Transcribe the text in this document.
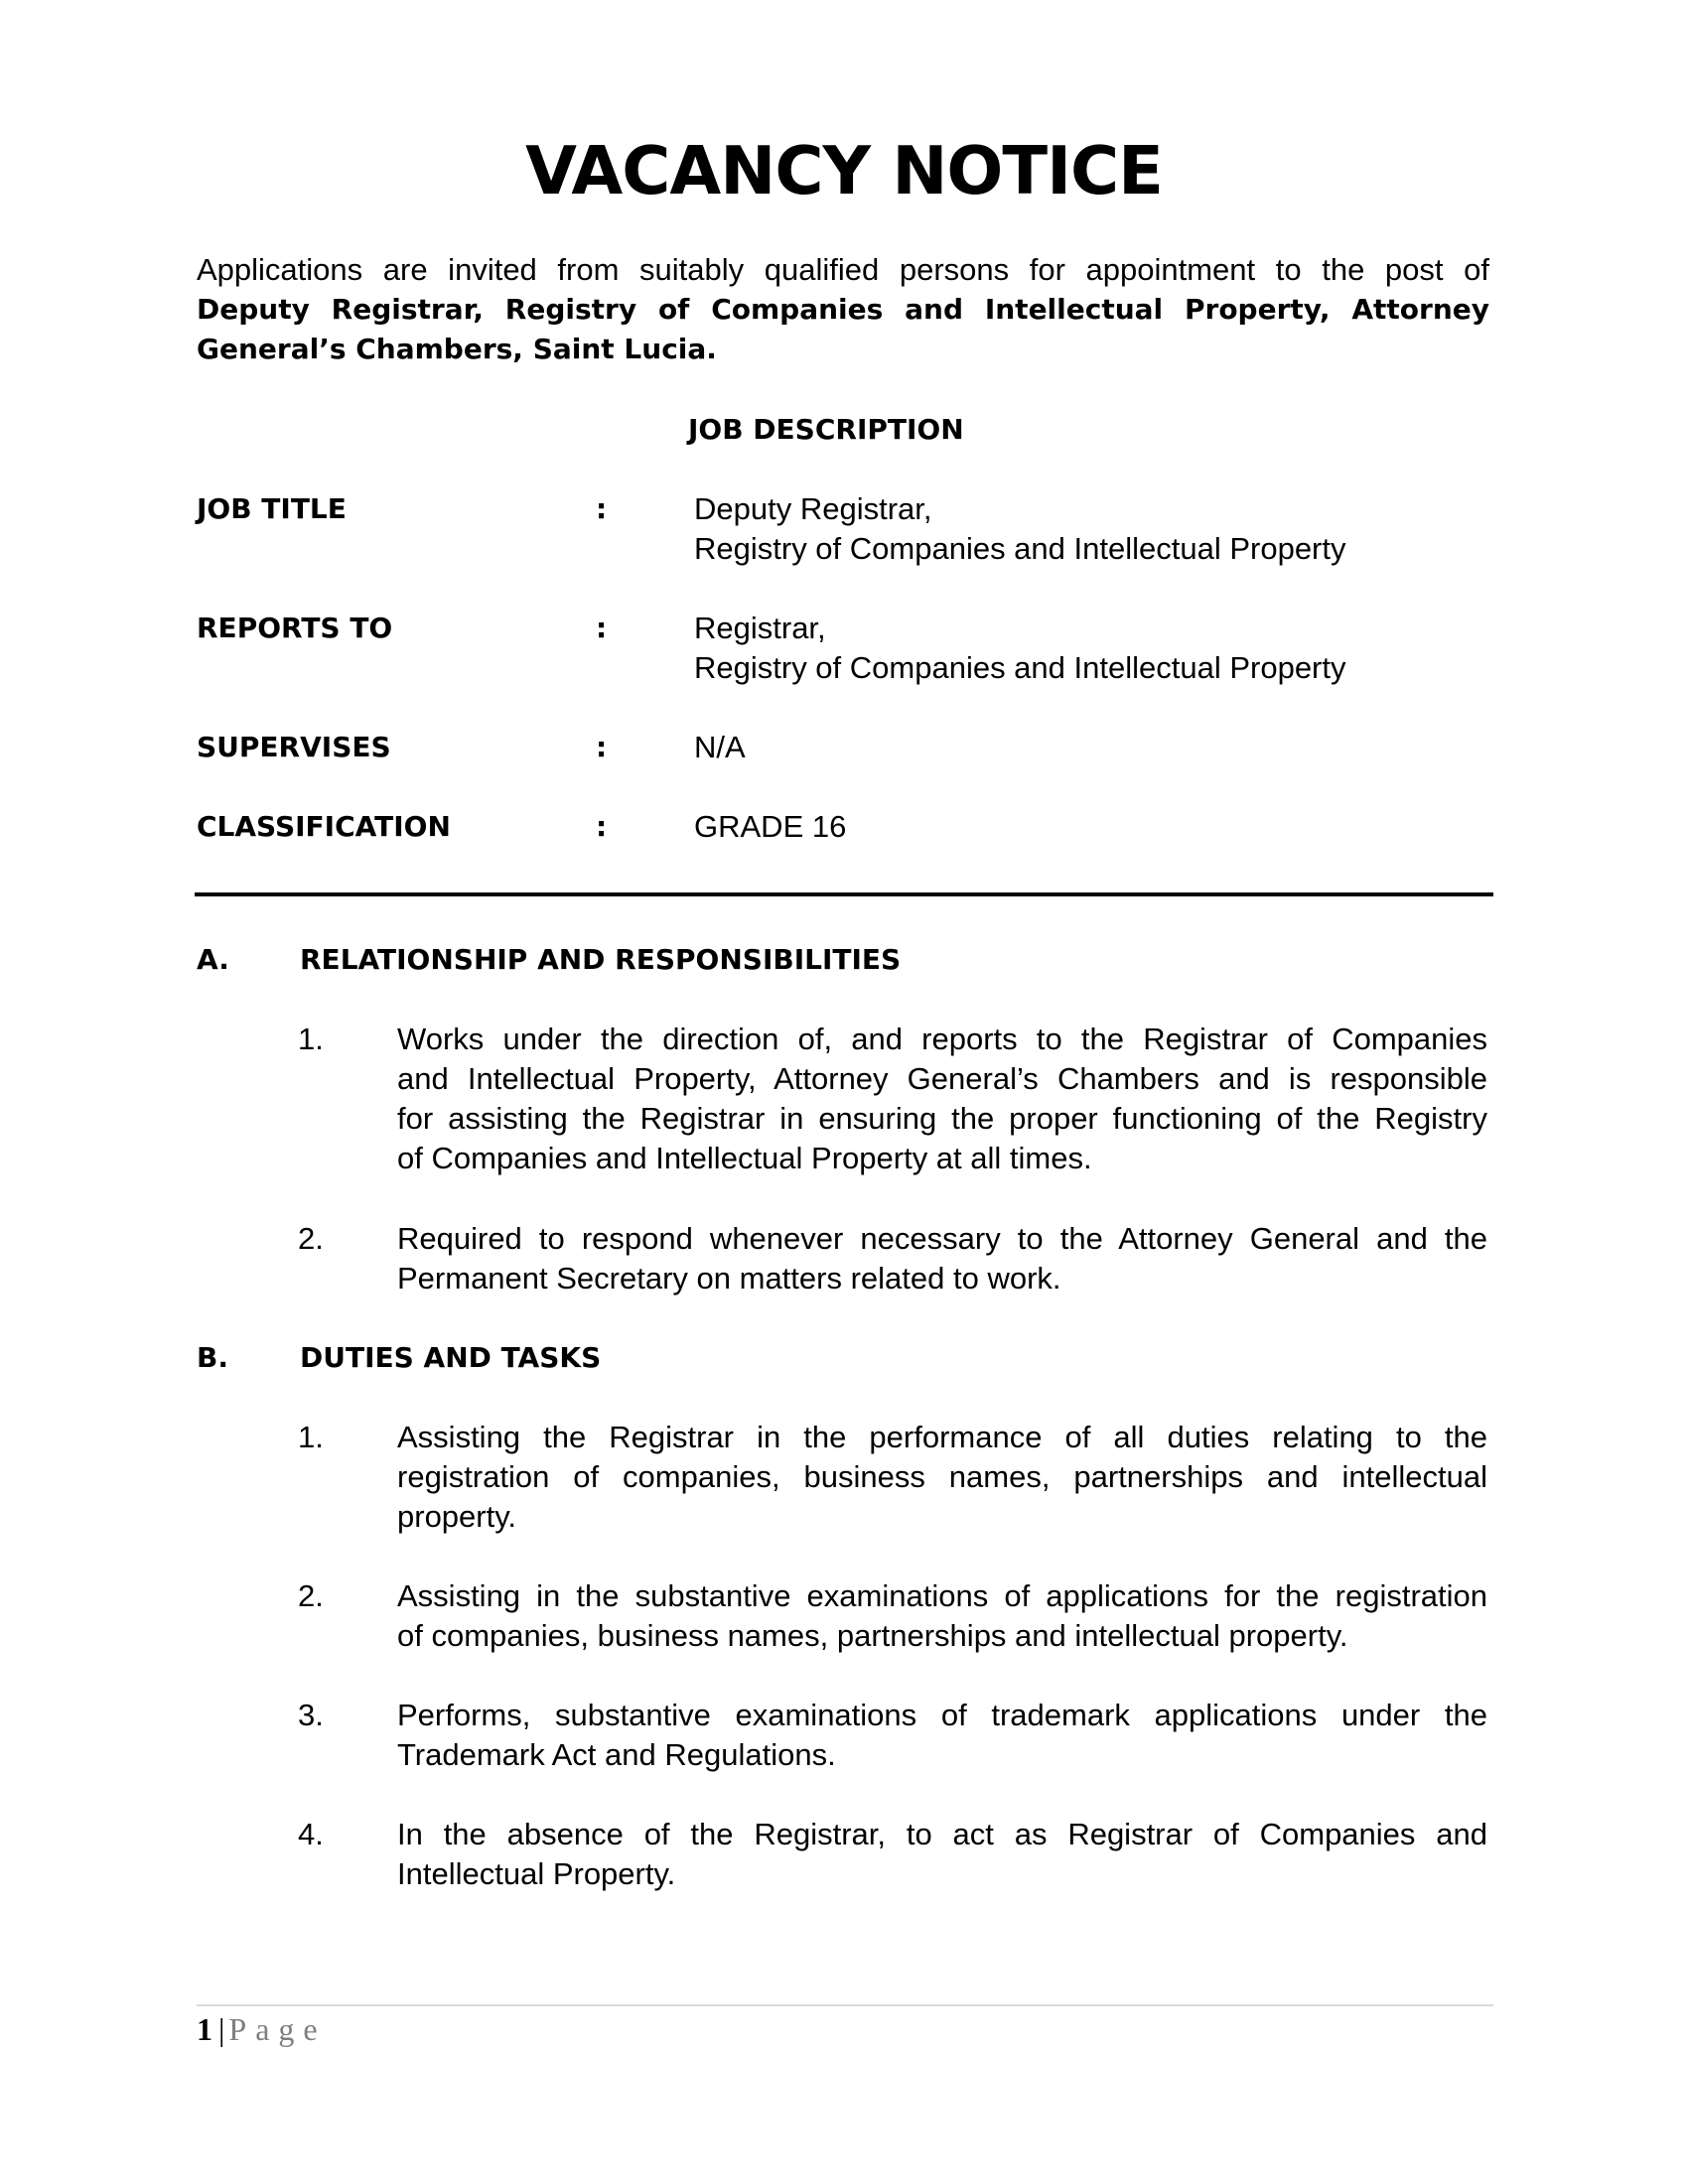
VACANCY NOTICE
Applications are invited from suitably qualified persons for appointment to the post of
Deputy Registrar, Registry of Companies and Intellectual Property, Attorney
General’s Chambers, Saint Lucia.
JOB DESCRIPTION
JOB TITLE	:	Deputy Registrar,
Registry of Companies and Intellectual Property
REPORTS TO	:	Registrar,
Registry of Companies and Intellectual Property
SUPERVISES	:	N/A
CLASSIFICATION	:	GRADE 16
A.	RELATIONSHIP AND RESPONSIBILITIES
1. Works under the direction of, and reports to the Registrar of Companies
and Intellectual Property, Attorney General’s Chambers and is responsible
for assisting the Registrar in ensuring the proper functioning of the Registry
of Companies and Intellectual Property at all times.
2. Required to respond whenever necessary to the Attorney General and the
Permanent Secretary on matters related to work.
B.	DUTIES AND TASKS
1. Assisting the Registrar in the performance of all duties relating to the
registration of companies, business names, partnerships and intellectual
property.
2. Assisting in the substantive examinations of applications for the registration
of companies, business names, partnerships and intellectual property.
3. Performs, substantive examinations of trademark applications under the
Trademark Act and Regulations.
4. In the absence of the Registrar, to act as Registrar of Companies and
Intellectual Property.
1 | Page
